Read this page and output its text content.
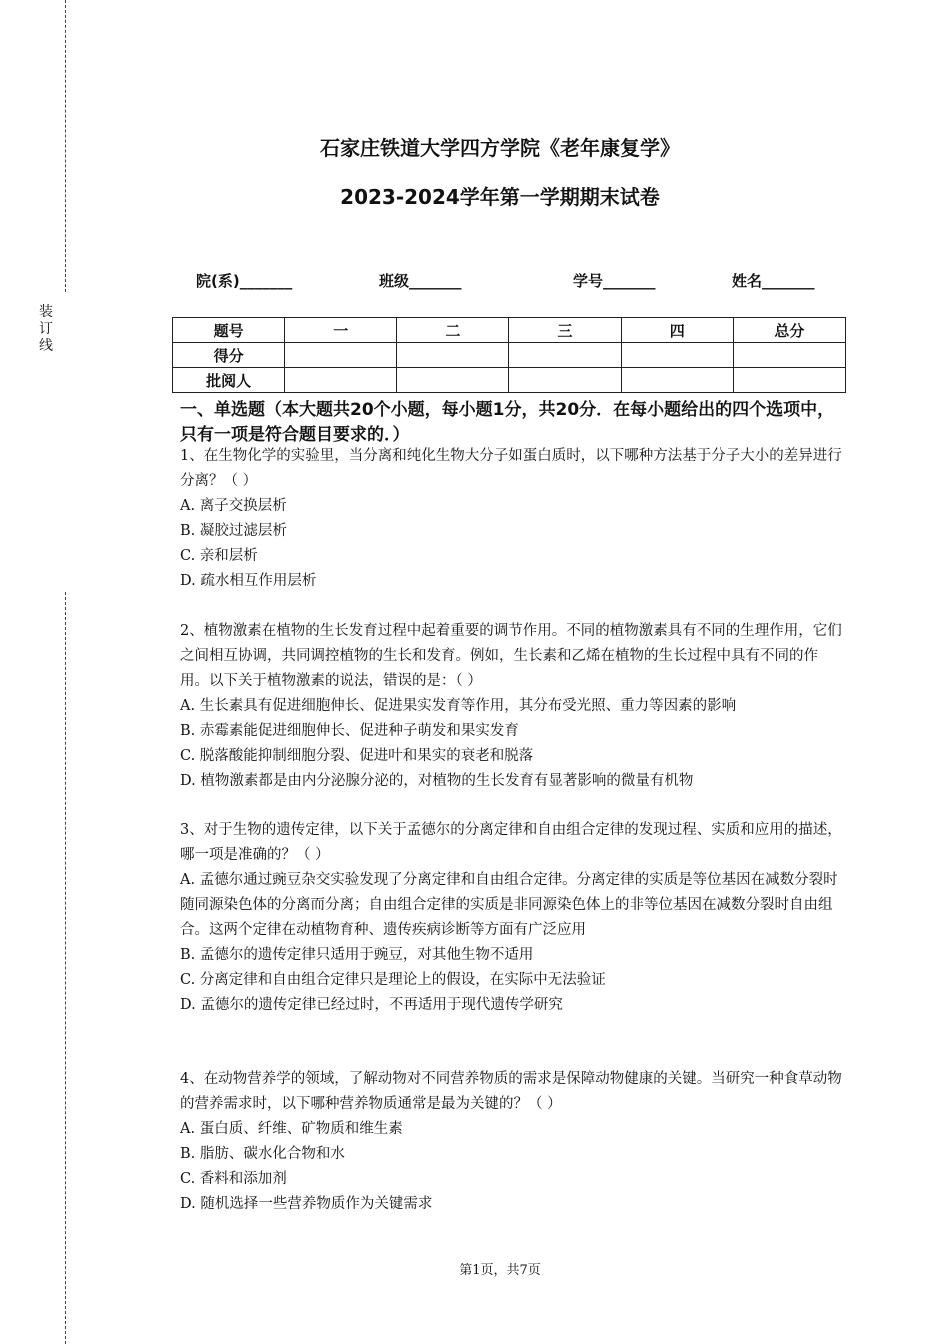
装订线
石家庄铁道大学四方学院《老年康复学》
2023-2024学年第一学期期末试卷
院(系)_______	班级_______	学号_______	姓名_______
题号	一	二	三	四	总分
得分					
批阅人					
一、单选题（本大题共20个小题，每小题1分，共20分．在每小题给出的四个选项中，只有一项是符合题目要求的．）

1、在生物化学的实验里，当分离和纯化生物大分子如蛋白质时，以下哪种方法基于分子大小的差异进行分离？（ ）

A. 离子交换层析

B. 凝胶过滤层析

C. 亲和层析

D. 疏水相互作用层析

2、植物激素在植物的生长发育过程中起着重要的调节作用。不同的植物激素具有不同的生理作用，它们之间相互协调，共同调控植物的生长和发育。例如，生长素和乙烯在植物的生长过程中具有不同的作用。以下关于植物激素的说法，错误的是：（ ）

A. 生长素具有促进细胞伸长、促进果实发育等作用，其分布受光照、重力等因素的影响

B. 赤霉素能促进细胞伸长、促进种子萌发和果实发育

C. 脱落酸能抑制细胞分裂、促进叶和果实的衰老和脱落

D. 植物激素都是由内分泌腺分泌的，对植物的生长发育有显著影响的微量有机物

3、对于生物的遗传定律，以下关于孟德尔的分离定律和自由组合定律的发现过程、实质和应用的描述，哪一项是准确的？（ ）

A. 孟德尔通过豌豆杂交实验发现了分离定律和自由组合定律。分离定律的实质是等位基因在减数分裂时随同源染色体的分离而分离；自由组合定律的实质是非同源染色体上的非等位基因在减数分裂时自由组合。这两个定律在动植物育种、遗传疾病诊断等方面有广泛应用

B. 孟德尔的遗传定律只适用于豌豆，对其他生物不适用

C. 分离定律和自由组合定律只是理论上的假设，在实际中无法验证

D. 孟德尔的遗传定律已经过时，不再适用于现代遗传学研究

4、在动物营养学的领域，了解动物对不同营养物质的需求是保障动物健康的关键。当研究一种食草动物的营养需求时，以下哪种营养物质通常是最为关键的？（ ）

A. 蛋白质、纤维、矿物质和维生素

B. 脂肪、碳水化合物和水

C. 香料和添加剂

D. 随机选择一些营养物质作为关键需求

第1页，共7页
